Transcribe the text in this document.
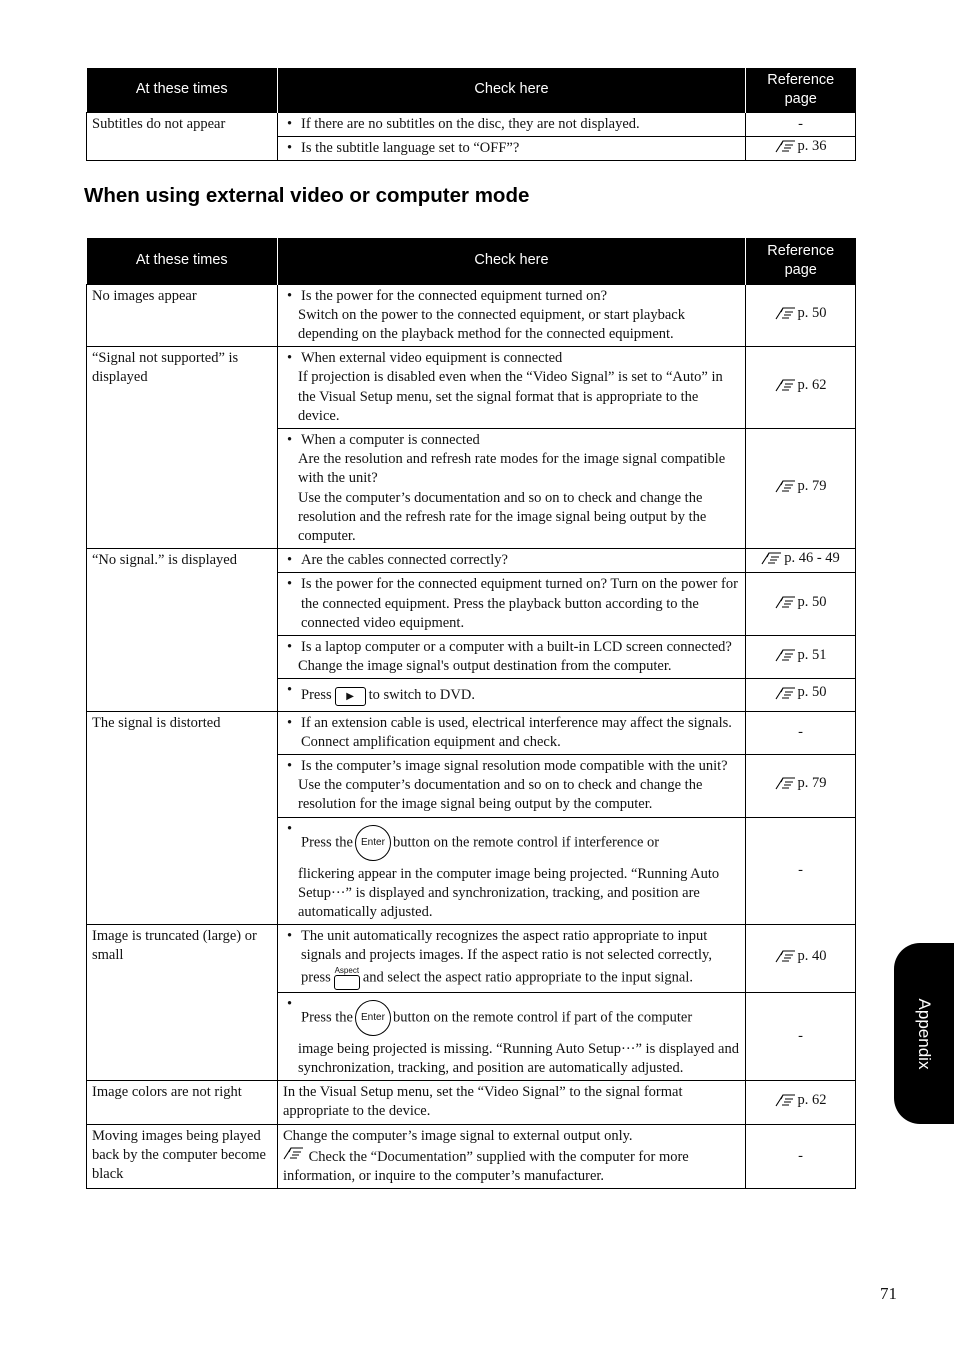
At these times	Check here	Reference page
Subtitles do not appear	• If there are no subtitles on the disc, they are not displayed.	-

	• Is the subtitle language set to “OFF”?	p. 36
When using external video or computer mode
At these times	Check here	Reference page
No images appear	• Is the power for the connected equipment turned on?
Switch on the power to the connected equipment, or start playback depending on the playback method for the connected equipment.	p. 50

“Signal not supported” is displayed	• When external video equipment is connected
If projection is disabled even when the “Video Signal” is set to “Auto” in the Visual Setup menu, set the signal format that is appropriate to the device.	p. 62

	• When a computer is connected
Are the resolution and refresh rate modes for the image signal compatible with the unit?
Use the computer’s documentation and so on to check and change the resolution and the refresh rate for the image signal being output by the computer.	p. 79

“No signal.” is displayed	• Are the cables connected correctly?	p. 46 - 49

	• Is the power for the connected equipment turned on? Turn on the power for the connected equipment. Press the playback button according to the connected video equipment.	p. 50

	• Is a laptop computer or a computer with a built-in LCD screen connected?
Change the image signal's output destination from the computer.	p. 51

	• Press ▶ to switch to DVD.	p. 50

The signal is distorted	• If an extension cable is used, electrical interference may affect the signals. Connect amplification equipment and check.	-

	• Is the computer’s image signal resolution mode compatible with the unit?
Use the computer’s documentation and so on to check and change the resolution for the image signal being output by the computer.	p. 79

	• Press the Enter button on the remote control if interference or
flickering appear in the computer image being projected. “Running Auto Setup···” is displayed and synchronization, tracking, and position are automatically adjusted.	-
Image is truncated (large) or small	• The unit automatically recognizes the aspect ratio appropriate to input signals and projects images. If the aspect ratio is not selected correctly, press Aspect and select the aspect ratio appropriate to the input signal.	p. 40

	• Press the Enter button on the remote control if part of the computer
image being projected is missing. “Running Auto Setup···” is displayed and synchronization, tracking, and position are automatically adjusted.	-
Image colors are not right	In the Visual Setup menu, set the “Video Signal” to the signal format appropriate to the device.	p. 62

Moving images being played back by the computer become black	Change the computer’s image signal to external output only.
Check the “Documentation” supplied with the computer for more information, or inquire to the computer’s manufacturer.	-
Appendix
71
